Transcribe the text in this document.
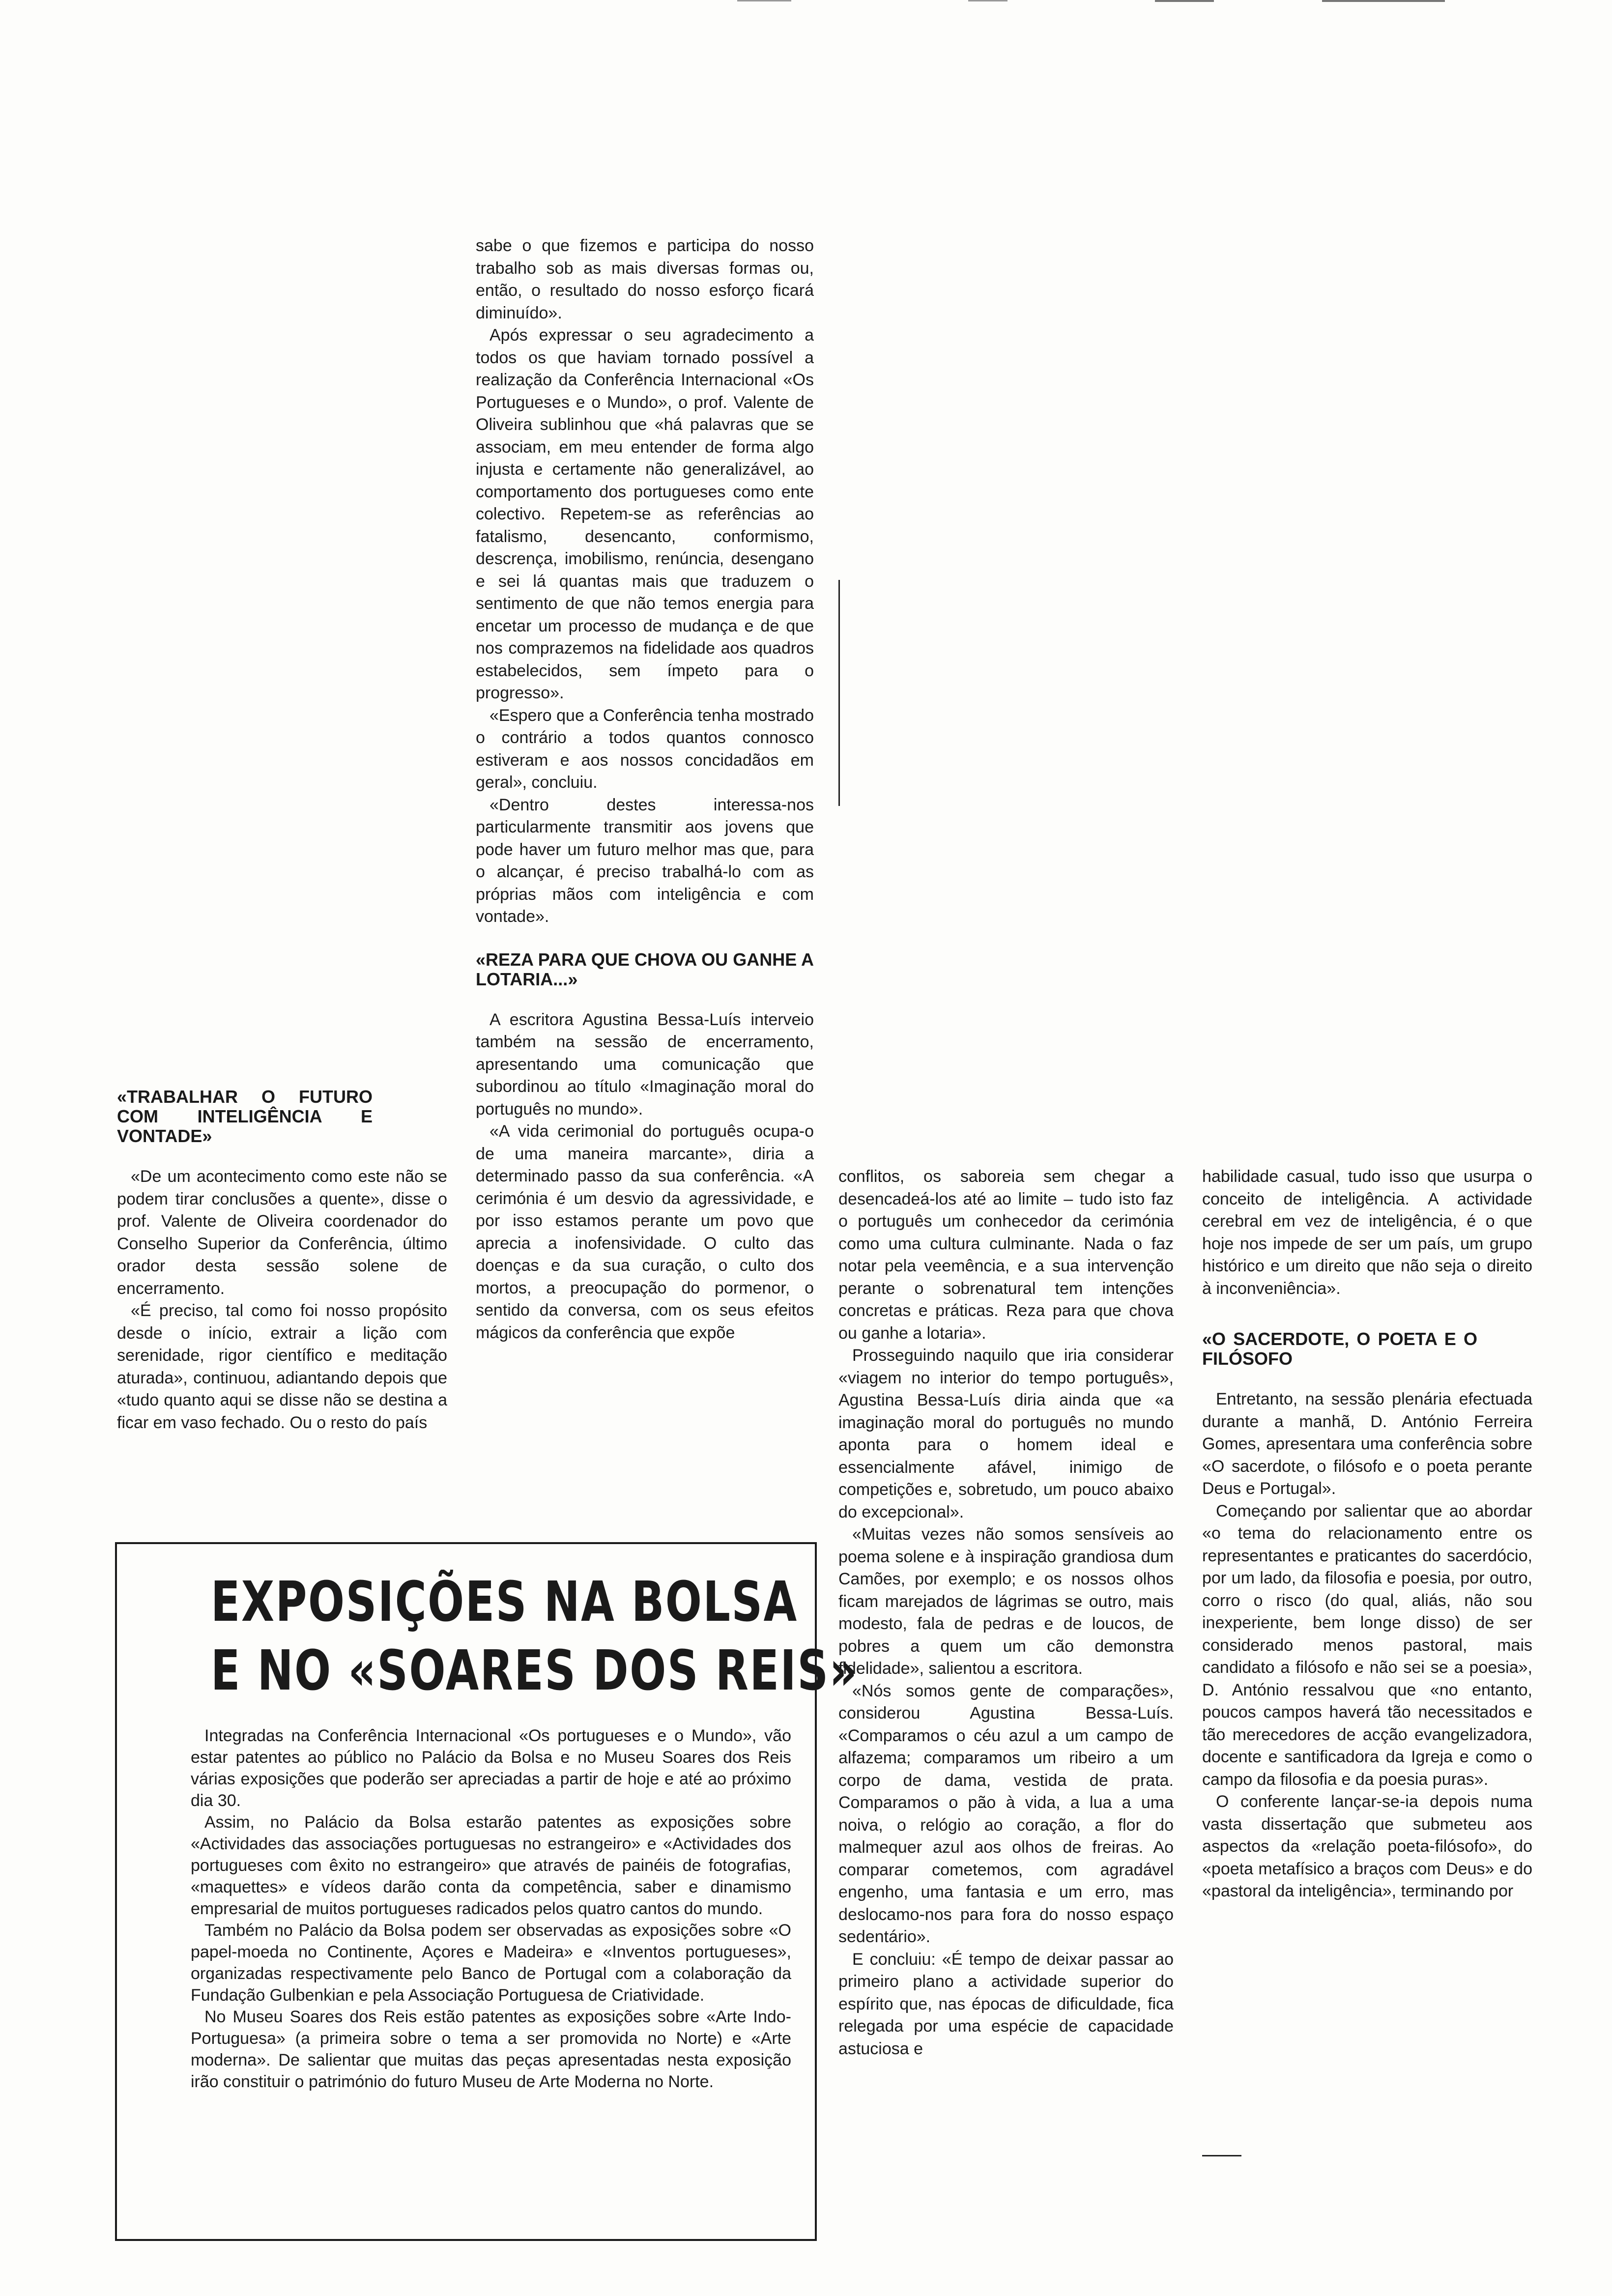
sabe o que fizemos e participa do nosso trabalho sob as mais diversas formas ou, então, o resultado do nosso esforço ficará diminuído».

Após expressar o seu agradecimento a todos os que haviam tornado possível a realização da Conferência Internacional «Os Portugueses e o Mundo», o prof. Valente de Oliveira sublinhou que «há palavras que se associam, em meu entender de forma algo injusta e certamente não generalizável, ao comportamento dos portugueses como ente colectivo. Repetem-se as referências ao fatalismo, desencanto, conformismo, descrença, imobilismo, renúncia, desengano e sei lá quantas mais que traduzem o sentimento de que não temos energia para encetar um processo de mudança e de que nos comprazemos na fidelidade aos quadros estabelecidos, sem ímpeto para o progresso».

«Espero que a Conferência tenha mostrado o contrário a todos quantos connosco estiveram e aos nossos concidadãos em geral», concluiu.

«Dentro destes interessa-nos particularmente transmitir aos jovens que pode haver um futuro melhor mas que, para o alcançar, é preciso trabalhá-lo com as próprias mãos com inteligência e com vontade».

«REZA PARA QUE CHOVA OU GANHE A LOTARIA...»

A escritora Agustina Bessa-Luís interveio também na sessão de encerramento, apresentando uma comunicação que subordinou ao título «Imaginação moral do português no mundo».

«A vida cerimonial do português ocupa-o de uma maneira marcante», diria a determinado passo da sua conferência. «A cerimónia é um desvio da agressividade, e por isso estamos perante um povo que aprecia a inofensividade. O culto das doenças e da sua curação, o culto dos mortos, a preocupação do pormenor, o sentido da conversa, com os seus efeitos mágicos da conferência que expõe

«TRABALHAR O FUTURO COM INTELIGÊNCIA E VONTADE»

«De um acontecimento como este não se podem tirar conclusões a quente», disse o prof. Valente de Oliveira coordenador do Conselho Superior da Conferência, último orador desta sessão solene de encerramento.

«É preciso, tal como foi nosso propósito desde o início, extrair a lição com serenidade, rigor científico e meditação aturada», continuou, adiantando depois que «tudo quanto aqui se disse não se destina a ficar em vaso fechado. Ou o resto do país

conflitos, os saboreia sem chegar a desencadeá-los até ao limite – tudo isto faz o português um conhecedor da cerimónia como uma cultura culminante. Nada o faz notar pela veemência, e a sua intervenção perante o sobrenatural tem intenções concretas e práticas. Reza para que chova ou ganhe a lotaria».

Prosseguindo naquilo que iria considerar «viagem no interior do tempo português», Agustina Bessa-Luís diria ainda que «a imaginação moral do português no mundo aponta para o homem ideal e essencialmente afável, inimigo de competições e, sobretudo, um pouco abaixo do excepcional».

«Muitas vezes não somos sensíveis ao poema solene e à inspiração grandiosa dum Camões, por exemplo; e os nossos olhos ficam marejados de lágrimas se outro, mais modesto, fala de pedras e de loucos, de pobres a quem um cão demonstra fidelidade», salientou a escritora.

«Nós somos gente de comparações», considerou Agustina Bessa-Luís. «Comparamos o céu azul a um campo de alfazema; comparamos um ribeiro a um corpo de dama, vestida de prata. Comparamos o pão à vida, a lua a uma noiva, o relógio ao coração, a flor do malmequer azul aos olhos de freiras. Ao comparar cometemos, com agradável engenho, uma fantasia e um erro, mas deslocamo-nos para fora do nosso espaço sedentário».

E concluiu: «É tempo de deixar passar ao primeiro plano a actividade superior do espírito que, nas épocas de dificuldade, fica relegada por uma espécie de capacidade astuciosa e

habilidade casual, tudo isso que usurpa o conceito de inteligência. A actividade cerebral em vez de inteligência, é o que hoje nos impede de ser um país, um grupo histórico e um direito que não seja o direito à inconveniência».

«O SACERDOTE, O POETA E O FILÓSOFO

Entretanto, na sessão plenária efectuada durante a manhã, D. António Ferreira Gomes, apresentara uma conferência sobre «O sacerdote, o filósofo e o poeta perante Deus e Portugal».

Começando por salientar que ao abordar «o tema do relacionamento entre os representantes e praticantes do sacerdócio, por um lado, da filosofia e poesia, por outro, corro o risco (do qual, aliás, não sou inexperiente, bem longe disso) de ser considerado menos pastoral, mais candidato a filósofo e não sei se a poesia», D. António ressalvou que «no entanto, poucos campos haverá tão necessitados e tão merecedores de acção evangelizadora, docente e santificadora da Igreja e como o campo da filosofia e da poesia puras».

O conferente lançar-se-ia depois numa vasta dissertação que submeteu aos aspectos da «relação poeta-filósofo», do «poeta metafísico a braços com Deus» e do «pastoral da inteligência», terminando por

EXPOSIÇÕES NA BOLSA
E NO «SOARES DOS REIS»

Integradas na Conferência Internacional «Os portugueses e o Mundo», vão estar patentes ao público no Palácio da Bolsa e no Museu Soares dos Reis várias exposições que poderão ser apreciadas a partir de hoje e até ao próximo dia 30.

Assim, no Palácio da Bolsa estarão patentes as exposições sobre «Actividades das associações portuguesas no estrangeiro» e «Actividades dos portugueses com êxito no estrangeiro» que através de painéis de fotografias, «maquettes» e vídeos darão conta da competência, saber e dinamismo empresarial de muitos portugueses radicados pelos quatro cantos do mundo.

Também no Palácio da Bolsa podem ser observadas as exposições sobre «O papel-moeda no Continente, Açores e Madeira» e «Inventos portugueses», organizadas respectivamente pelo Banco de Portugal com a colaboração da Fundação Gulbenkian e pela Associação Portuguesa de Criatividade.

No Museu Soares dos Reis estão patentes as exposições sobre «Arte Indo-Portuguesa» (a primeira sobre o tema a ser promovida no Norte) e «Arte moderna». De salientar que muitas das peças apresentadas nesta exposição irão constituir o património do futuro Museu de Arte Moderna no Norte.
